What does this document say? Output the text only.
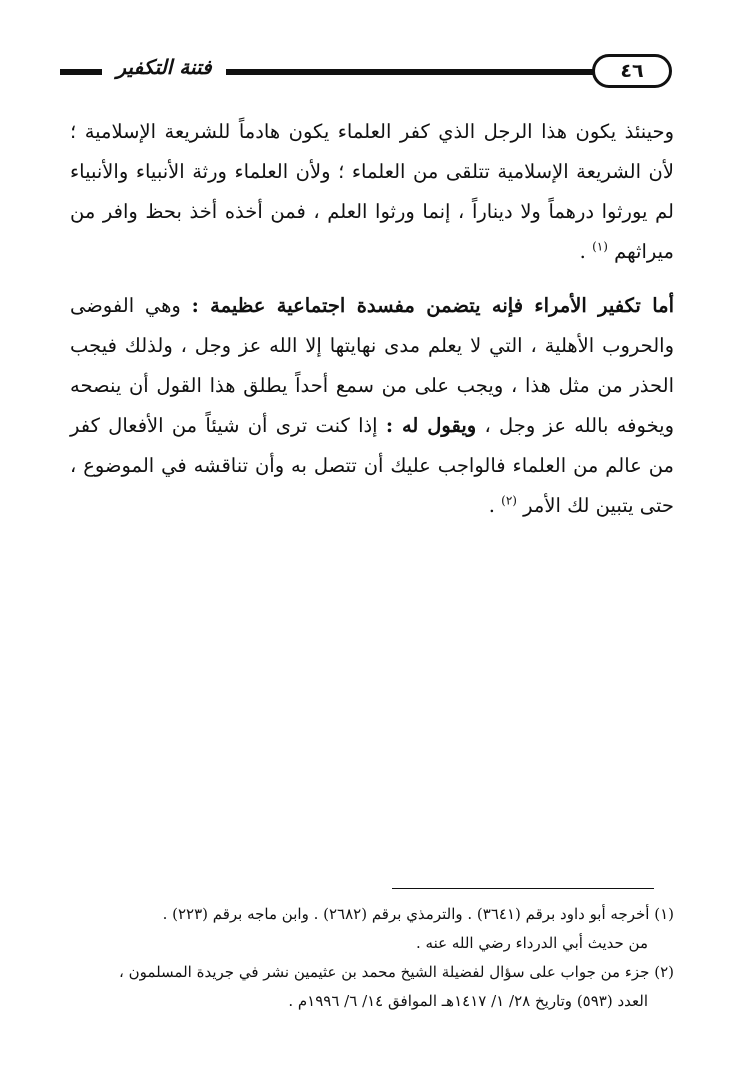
فتنة التكفير	٤٦

وحينئذ يكون هذا الرجل الذي كفر العلماء يكون هادماً للشريعة الإسلامية ؛ لأن الشريعة الإسلامية تتلقى من العلماء ؛ ولأن العلماء ورثة الأنبياء والأنبياء لم يورثوا درهماً ولا ديناراً ، إنما ورثوا العلم ، فمن أخذه أخذ بحظ وافر من ميراثهم $^{(١)}$ .

أما تكفير الأمراء فإنه يتضمن مفسدة اجتماعية عظيمة : وهي الفوضى والحروب الأهلية ، التي لا يعلم مدى نهايتها إلا الله عز وجل ، ولذلك فيجب الحذر من مثل هذا ، ويجب على من سمع أحداً يطلق هذا القول أن ينصحه ويخوفه بالله عز وجل ، ويقول له : إذا كنت ترى أن شيئاً من الأفعال كفر من عالم من العلماء فالواجب عليك أن تتصل به وأن تناقشه في الموضوع ، حتى يتبين لك الأمر $^{(٢)}$ .

(١) أخرجه أبو داود برقم (٣٦٤١) . والترمذي برقم (٢٦٨٢) . وابن ماجه برقم (٢٢٣) .

من حديث أبي الدرداء رضي الله عنه .

(٢) جزء من جواب على سؤال لفضيلة الشيخ محمد بن عثيمين نشر في جريدة المسلمون ،

العدد (٥٩٣) وتاريخ ٢٨/ ١/ ١٤١٧هـ الموافق ١٤/ ٦/ ١٩٩٦م .
